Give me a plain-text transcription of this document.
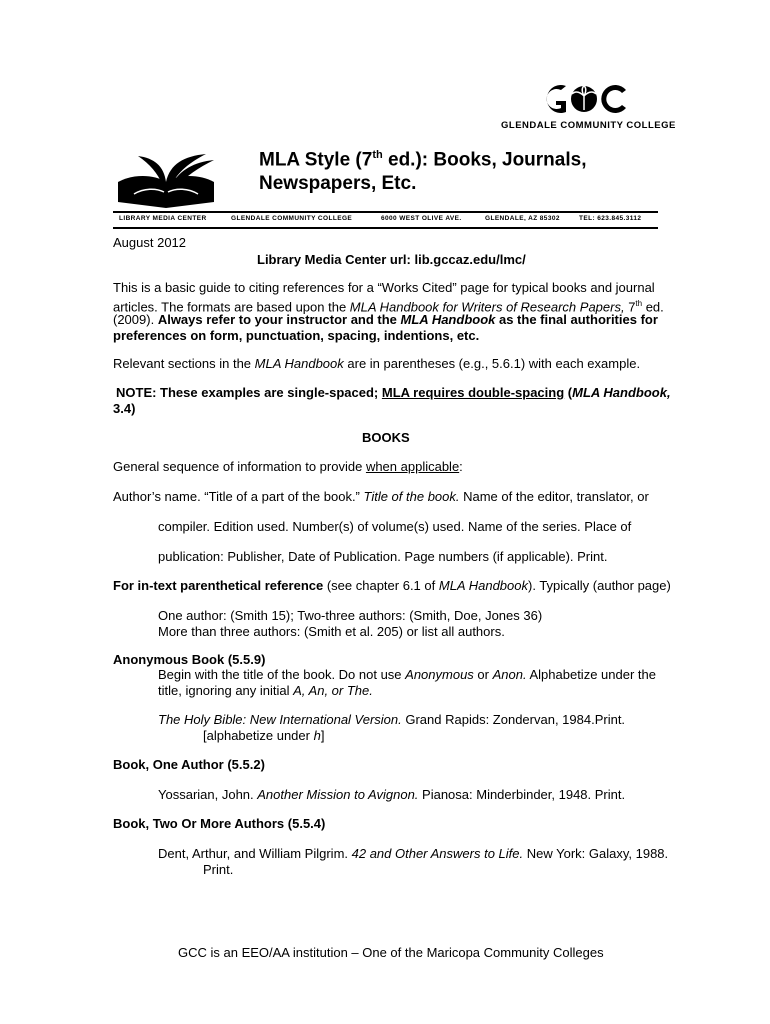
GLENDALE COMMUNITY COLLEGE
MLA Style (7th ed.): Books, Journals,
Newspapers, Etc.
LIBRARY MEDIA CENTER	GLENDALE COMMUNITY COLLEGE	6000 WEST OLIVE AVE.	GLENDALE, AZ 85302	TEL: 623.845.3112
August 2012
Library Media Center url: lib.gccaz.edu/lmc/
This is a basic guide to citing references for a “Works Cited” page for typical books and journal
articles. The formats are based upon the MLA Handbook for Writers of Research Papers, 7th ed.
(2009). Always refer to your instructor and the MLA Handbook as the final authorities for
preferences on form, punctuation, spacing, indentions, etc.
Relevant sections in the MLA Handbook are in parentheses (e.g., 5.6.1) with each example.
NOTE: These examples are single-spaced; MLA requires double-spacing (MLA Handbook,
3.4)
BOOKS
General sequence of information to provide when applicable:
Author’s name. “Title of a part of the book.” Title of the book. Name of the editor, translator, or
compiler. Edition used. Number(s) of volume(s) used. Name of the series. Place of
publication: Publisher, Date of Publication. Page numbers (if applicable). Print.
For in-text parenthetical reference (see chapter 6.1 of MLA Handbook). Typically (author page)
One author: (Smith 15); Two-three authors: (Smith, Doe, Jones 36)
More than three authors: (Smith et al. 205) or list all authors.
Anonymous Book (5.5.9)
Begin with the title of the book. Do not use Anonymous or Anon. Alphabetize under the
title, ignoring any initial A, An, or The.
The Holy Bible: New International Version. Grand Rapids: Zondervan, 1984.Print.
[alphabetize under h]
Book, One Author (5.5.2)
Yossarian, John. Another Mission to Avignon. Pianosa: Minderbinder, 1948. Print.
Book, Two Or More Authors (5.5.4)
Dent, Arthur, and William Pilgrim. 42 and Other Answers to Life. New York: Galaxy, 1988.
Print.
GCC is an EEO/AA institution – One of the Maricopa Community Colleges
